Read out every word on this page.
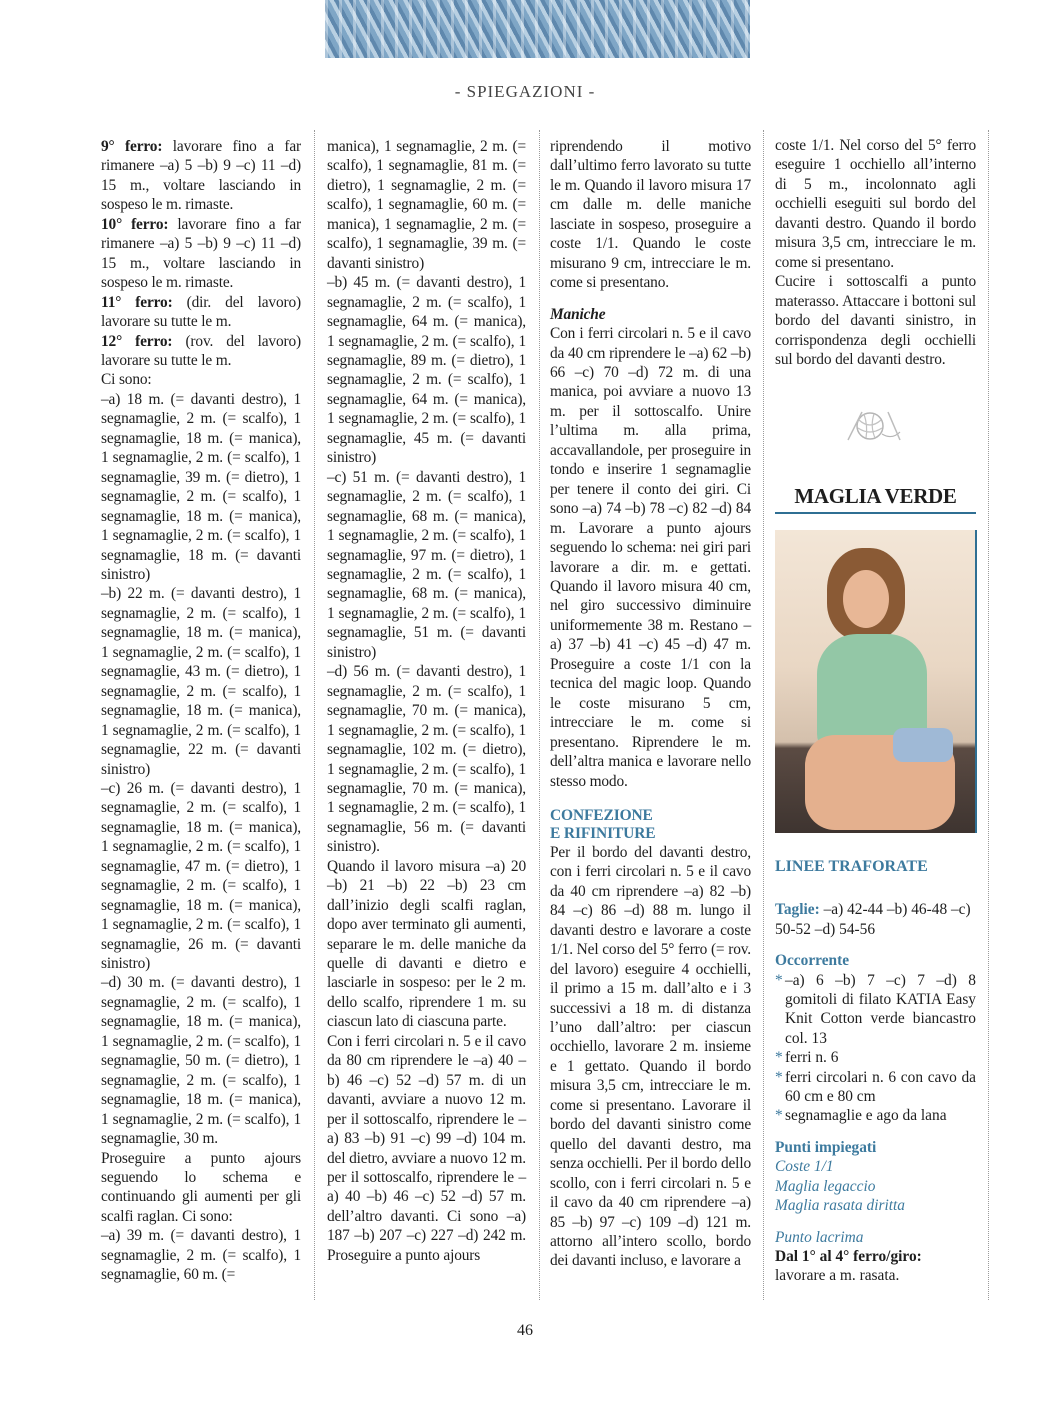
- SPIEGAZIONI -

9° ferro: lavorare fino a far rimanere –a) 5 –b) 9 –c) 11 –d) 15 m., voltare lasciando in sospeso le m. rimaste.

10° ferro: lavorare fino a far rimanere –a) 5 –b) 9 –c) 11 –d) 15 m., voltare lasciando in sospeso le m. rimaste.

11° ferro: (dir. del lavoro) lavorare su tutte le m.

12° ferro: (rov. del lavoro) lavorare su tutte le m.

Ci sono:

–a) 18 m. (= davanti destro), 1 segnamaglie, 2 m. (= scalfo), 1 segnamaglie, 18 m. (= manica), 1 segnamaglie, 2 m. (= scalfo), 1 segnamaglie, 39 m. (= dietro), 1 segnamaglie, 2 m. (= scalfo), 1 segnamaglie, 18 m. (= manica), 1 segnamaglie, 2 m. (= scalfo), 1 segnamaglie, 18 m. (= davanti sinistro)

–b) 22 m. (= davanti destro), 1 segnamaglie, 2 m. (= scalfo), 1 segnamaglie, 18 m. (= manica), 1 segnamaglie, 2 m. (= scalfo), 1 segnamaglie, 43 m. (= dietro), 1 segnamaglie, 2 m. (= scalfo), 1 segnamaglie, 18 m. (= manica), 1 segnamaglie, 2 m. (= scalfo), 1 segnamaglie, 22 m. (= davanti sinistro)

–c) 26 m. (= davanti destro), 1 segnamaglie, 2 m. (= scalfo), 1 segnamaglie, 18 m. (= manica), 1 segnamaglie, 2 m. (= scalfo), 1 segnamaglie, 47 m. (= dietro), 1 segnamaglie, 2 m. (= scalfo), 1 segnamaglie, 18 m. (= manica), 1 segnamaglie, 2 m. (= scalfo), 1 segnamaglie, 26 m. (= davanti sinistro)

–d) 30 m. (= davanti destro), 1 segnamaglie, 2 m. (= scalfo), 1 segnamaglie, 18 m. (= manica), 1 segnamaglie, 2 m. (= scalfo), 1 segnamaglie, 50 m. (= dietro), 1 segnamaglie, 2 m. (= scalfo), 1 segnamaglie, 18 m. (= manica), 1 segnamaglie, 2 m. (= scalfo), 1 segnamaglie, 30 m.

Proseguire a punto ajours seguendo lo schema e continuando gli aumenti per gli scalfi raglan. Ci sono:

–a) 39 m. (= davanti destro), 1 segnamaglie, 2 m. (= scalfo), 1 segnamaglie, 60 m. (=

manica), 1 segnamaglie, 2 m. (= scalfo), 1 segnamaglie, 81 m. (= dietro), 1 segnamaglie, 2 m. (= scalfo), 1 segnamaglie, 60 m. (= manica), 1 segnamaglie, 2 m. (= scalfo), 1 segnamaglie, 39 m. (= davanti sinistro)

–b) 45 m. (= davanti destro), 1 segnamaglie, 2 m. (= scalfo), 1 segnamaglie, 64 m. (= manica), 1 segnamaglie, 2 m. (= scalfo), 1 segnamaglie, 89 m. (= dietro), 1 segnamaglie, 2 m. (= scalfo), 1 segnamaglie, 64 m. (= manica), 1 segnamaglie, 2 m. (= scalfo), 1 segnamaglie, 45 m. (= davanti sinistro)

–c) 51 m. (= davanti destro), 1 segnamaglie, 2 m. (= scalfo), 1 segnamaglie, 68 m. (= manica), 1 segnamaglie, 2 m. (= scalfo), 1 segnamaglie, 97 m. (= dietro), 1 segnamaglie, 2 m. (= scalfo), 1 segnamaglie, 68 m. (= manica), 1 segnamaglie, 2 m. (= scalfo), 1 segnamaglie, 51 m. (= davanti sinistro)

–d) 56 m. (= davanti destro), 1 segnamaglie, 2 m. (= scalfo), 1 segnamaglie, 70 m. (= manica), 1 segnamaglie, 2 m. (= scalfo), 1 segnamaglie, 102 m. (= dietro), 1 segnamaglie, 2 m. (= scalfo), 1 segnamaglie, 70 m. (= manica), 1 segnamaglie, 2 m. (= scalfo), 1 segnamaglie, 56 m. (= davanti sinistro).

Quando il lavoro misura –a) 20 –b) 21 –b) 22 –b) 23 cm dall’inizio degli scalfi raglan, dopo aver terminato gli aumenti, separare le m. delle maniche da quelle di davanti e dietro e lasciarle in sospeso: per le 2 m. dello scalfo, riprendere 1 m. su ciascun lato di ciascuna parte.

Con i ferri circolari n. 5 e il cavo da 80 cm riprendere le –a) 40 –b) 46 –c) 52 –d) 57 m. di un davanti, avviare a nuovo 12 m. per il sottoscalfo, riprendere le –a) 83 –b) 91 –c) 99 –d) 104 m. del dietro, avviare a nuovo 12 m. per il sottoscalfo, riprendere le –a) 40 –b) 46 –c) 52 –d) 57 m. dell’altro davanti. Ci sono –a) 187 –b) 207 –c) 227 –d) 242 m. Proseguire a punto ajours

riprendendo il motivo dall’ultimo ferro lavorato su tutte le m. Quando il lavoro misura 17 cm dalle m. delle maniche lasciate in sospeso, proseguire a coste 1/1. Quando le coste misurano 9 cm, intrecciare le m. come si presentano.

Maniche

Con i ferri circolari n. 5 e il cavo da 40 cm riprendere le –a) 62 –b) 66 –c) 70 –d) 72 m. di una manica, poi avviare a nuovo 13 m. per il sottoscalfo. Unire l’ultima m. alla prima, accavallandole, per proseguire in tondo e inserire 1 segnamaglie per tenere il conto dei giri. Ci sono –a) 74 –b) 78 –c) 82 –d) 84 m. Lavorare a punto ajours seguendo lo schema: nei giri pari lavorare a dir. m. e gettati. Quando il lavoro misura 40 cm, nel giro successivo diminuire uniformemente 38 m. Restano –a) 37 –b) 41 –c) 45 –d) 47 m. Proseguire a coste 1/1 con la tecnica del magic loop. Quando le coste misurano 5 cm, intrecciare le m. come si presentano. Riprendere le m. dell’altra manica e lavorare nello stesso modo.

CONFEZIONE

E RIFINITURE

Per il bordo del davanti destro, con i ferri circolari n. 5 e il cavo da 40 cm riprendere –a) 82 –b) 84 –c) 86 –d) 88 m. lungo il davanti destro e lavorare a coste 1/1. Nel corso del 5° ferro (= rov. del lavoro) eseguire 4 occhielli, il primo a 15 m. dall’alto e i 3 successivi a 18 m. di distanza l’uno dall’altro: per ciascun occhiello, lavorare 2 m. insieme e 1 gettato. Quando il bordo misura 3,5 cm, intrecciare le m. come si presentano. Lavorare il bordo del davanti sinistro come quello del davanti destro, ma senza occhielli. Per il bordo dello scollo, con i ferri circolari n. 5 e il cavo da 40 cm riprendere –a) 85 –b) 97 –c) 109 –d) 121 m. attorno all’intero scollo, bordo dei davanti incluso, e lavorare a

coste 1/1. Nel corso del 5° ferro eseguire 1 occhiello all’interno di 5 m., incolonnato agli occhielli eseguiti sul bordo del davanti destro. Quando il bordo misura 3,5 cm, intrecciare le m. come si presentano.

Cucire i sottoscalfi a punto materasso. Attaccare i bottoni sul bordo del davanti sinistro, in corrispondenza degli occhielli sul bordo del davanti destro.

MAGLIA VERDE

LINEE TRAFORATE

Taglie: –a) 42-44 –b) 46-48 –c) 50-52 –d) 54-56

Occorrente

* –a) 6 –b) 7 –c) 7 –d) 8 gomitoli di filato KATIA Easy Knit Cotton verde biancastro col. 13
* ferri n. 6
* ferri circolari n. 6 con cavo da 60 cm e 80 cm
* segnamaglie e ago da lana

Punti impiegati

Coste 1/1

Maglia legaccio

Maglia rasata diritta

Punto lacrima

Dal 1° al 4° ferro/giro: lavorare a m. rasata.

46
